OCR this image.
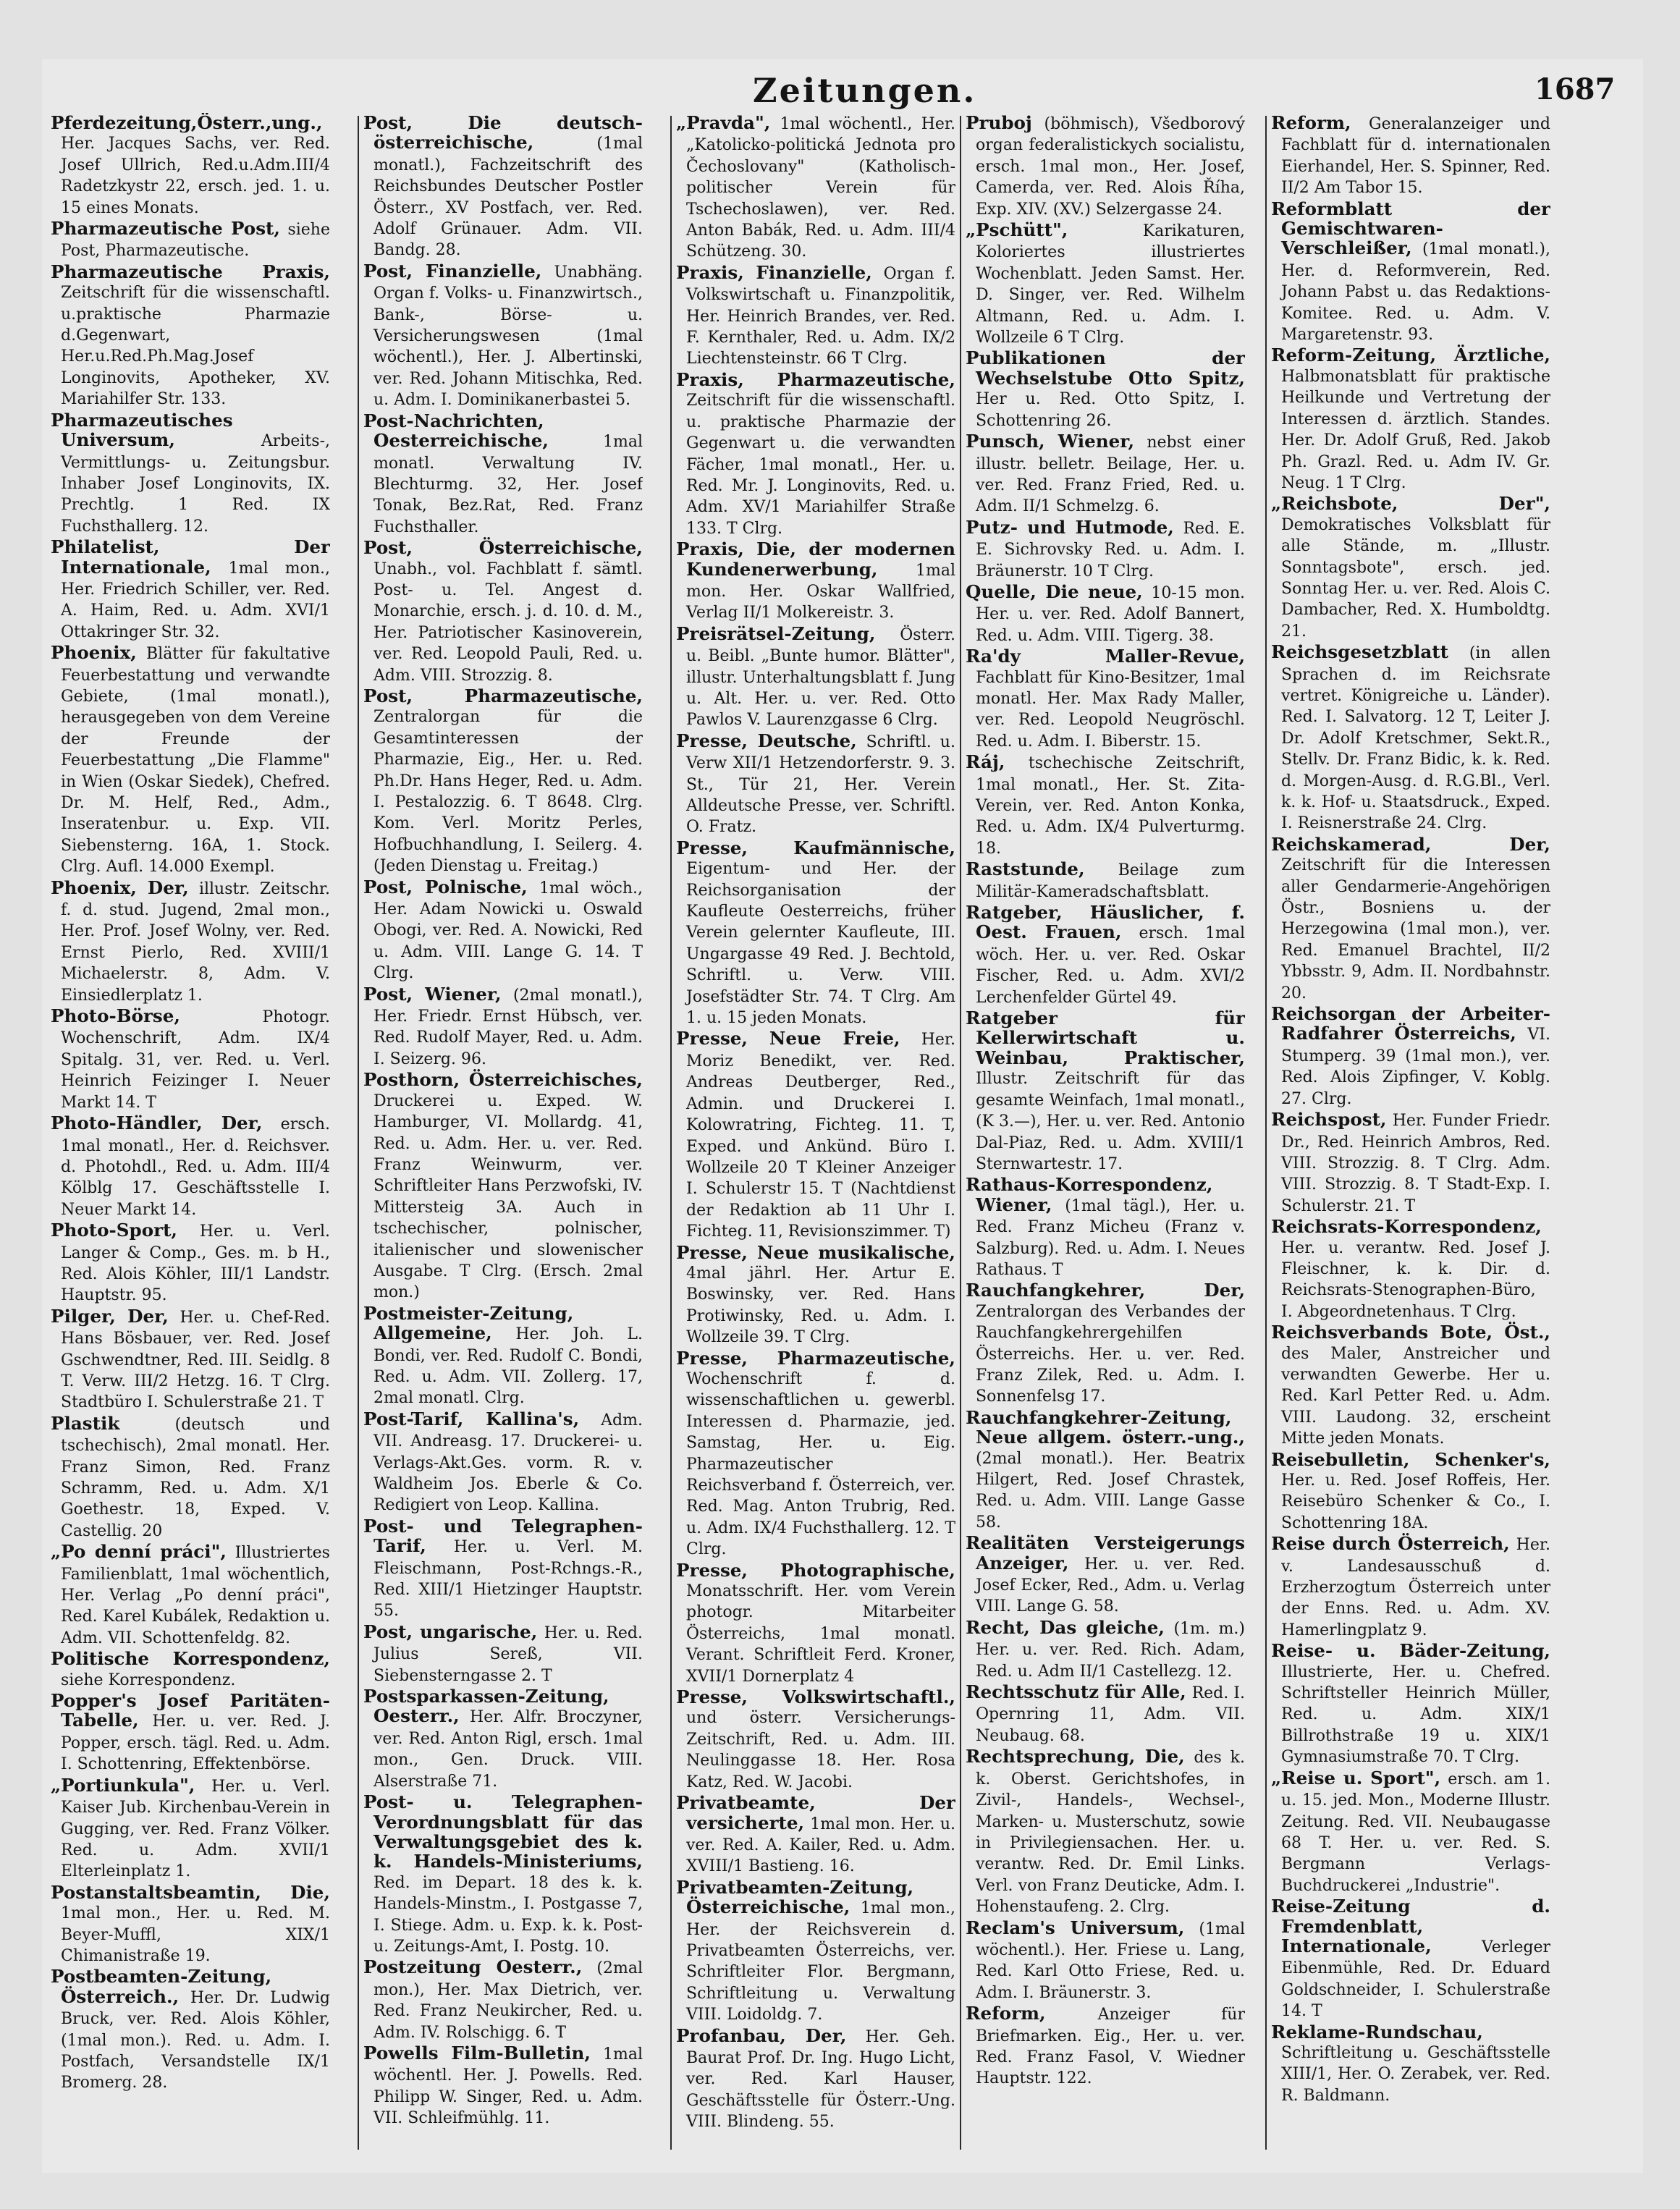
Zeitungen.	1687

Pferdezeitung,Österr.,ung., Her. Jacques Sachs, ver. Red. Josef Ullrich, Red.u.Adm.III/4 Radetzkystr 22, ersch. jed. 1. u. 15 eines Monats.

Pharmazeutische Post, siehe Post, Pharmazeutische.

Pharmazeutische Praxis, Zeitschrift für die wissenschaftl. u.praktische Pharmazie d.Gegenwart, Her.u.Red.Ph.Mag.Josef Longinovits, Apotheker, XV. Mariahilfer Str. 133.

Pharmazeutisches Universum,	Arbeits-, Vermittlungs- u. Zeitungsbur. Inhaber Josef Longinovits, IX. Prechtlg. 1 Red. IX Fuchsthallerg. 12.

Philatelist, Der Internationale, 1mal mon., Her. Friedrich Schiller, ver. Red. A. Haim, Red. u. Adm. XVI/1 Ottakringer Str. 32.

Phoenix, Blätter für fakultative Feuerbestattung und verwandte Gebiete, (1mal monatl.), herausgegeben von dem Vereine der Freunde der Feuerbestattung „Die Flamme" in Wien (Oskar Siedek), Chefred. Dr. M. Helf, Red., Adm., Inseratenbur. u. Exp. VII. Siebensterng. 16A, 1. Stock. Clrg. Aufl. 14.000 Exempl.

Phoenix, Der, illustr. Zeitschr. f. d. stud. Jugend, 2mal mon., Her. Prof. Josef Wolny, ver. Red. Ernst Pierlo, Red. XVIII/1 Michaelerstr. 8, Adm. V. Einsiedlerplatz 1.

Photo-Börse,	Photogr. Wochenschrift, Adm. IX/4 Spitalg. 31, ver. Red. u. Verl. Heinrich Feizinger I. Neuer Markt 14. T

Photo-Händler, Der, ersch. 1mal monatl., Her. d. Reichsver. d. Photohdl., Red. u. Adm. III/4 Kölblg 17. Geschäftsstelle I. Neuer Markt 14.

Photo-Sport, Her. u. Verl. Langer & Comp., Ges. m. b H., Red. Alois Köhler, III/1 Landstr. Hauptstr. 95.

Pilger, Der, Her. u. Chef-Red. Hans Bösbauer, ver. Red. Josef Gschwendtner, Red. III. Seidlg. 8 T. Verw. III/2 Hetzg. 16. T Clrg. Stadtbüro I. Schulerstraße 21. T

Plastik	(deutsch und tschechisch), 2mal monatl. Her. Franz Simon, Red. Franz Schramm, Red. u. Adm. X/1 Goethestr. 18, Exped. V. Castellig. 20

„Po denní práci", Illustriertes Familienblatt, 1mal wöchentlich, Her. Verlag „Po denní práci", Red. Karel Kubálek, Redaktion u. Adm. VII. Schottenfeldg. 82.

Politische Korrespondenz, siehe Korrespondenz.

Popper's Josef Paritäten-Tabelle, Her. u. ver. Red. J. Popper, ersch. tägl. Red. u. Adm. I. Schottenring, Effektenbörse.

„Portiunkula", Her. u. Verl. Kaiser Jub. Kirchenbau-Verein in Gugging, ver. Red. Franz Völker. Red. u. Adm. XVII/1 Elterleinplatz 1.

Postanstaltsbeamtin, Die, 1mal mon., Her. u. Red. M. Beyer-Muffl, XIX/1 Chimanistraße 19.

Postbeamten-Zeitung, Österreich., Her. Dr. Ludwig Bruck, ver. Red. Alois Köhler, (1mal mon.). Red. u. Adm. I. Postfach, Versandstelle IX/1 Bromerg. 28.

Post, Die deutsch-österreichische,	(1mal monatl.), Fachzeitschrift des Reichsbundes Deutscher Postler Österr., XV Postfach, ver. Red. Adolf Grünauer. Adm. VII. Bandg. 28.

Post, Finanzielle, Unabhäng. Organ f. Volks- u. Finanzwirtsch., Bank-, Börse- u. Versicherungswesen (1mal wöchentl.), Her. J. Albertinski, ver. Red. Johann Mitischka, Red. u. Adm. I. Dominikanerbastei 5.

Post-Nachrichten, Oesterreichische,	1mal monatl. Verwaltung IV. Blechturmg. 32, Her. Josef Tonak, Bez.Rat, Red. Franz Fuchsthaller.

Post, Österreichische, Unabh., vol. Fachblatt f. sämtl. Post- u. Tel. Angest d. Monarchie, ersch. j. d. 10. d. M., Her. Patriotischer Kasinoverein, ver. Red. Leopold Pauli, Red. u. Adm. VIII. Strozzig. 8.

Post, Pharmazeutische, Zentralorgan für die Gesamtinteressen der Pharmazie, Eig., Her. u. Red. Ph.Dr. Hans Heger, Red. u. Adm. I. Pestalozzig. 6. T 8648. Clrg. Kom. Verl. Moritz Perles, Hofbuchhandlung, I. Seilerg. 4. (Jeden Dienstag u. Freitag.)

Post, Polnische, 1mal wöch., Her. Adam Nowicki u. Oswald Obogi, ver. Red. A. Nowicki, Red u. Adm. VIII. Lange G. 14. T Clrg.

Post, Wiener, (2mal monatl.), Her. Friedr. Ernst Hübsch, ver. Red. Rudolf Mayer, Red. u. Adm. I. Seizerg. 96.

Posthorn, Österreichisches, Druckerei u. Exped. W. Hamburger, VI. Mollardg. 41, Red. u. Adm. Her. u. ver. Red. Franz Weinwurm, ver. Schriftleiter Hans Perzwofski, IV. Mittersteig 3A. Auch in tschechischer, polnischer, italienischer und slowenischer Ausgabe. T Clrg. (Ersch. 2mal mon.)

Postmeister-Zeitung, Allgemeine, Her. Joh. L. Bondi, ver. Red. Rudolf C. Bondi, Red. u. Adm. VII. Zollerg. 17, 2mal monatl. Clrg.

Post-Tarif, Kallina's, Adm. VII. Andreasg. 17. Druckerei- u. Verlags-Akt.Ges. vorm. R. v. Waldheim Jos. Eberle & Co. Redigiert von Leop. Kallina.

Post- und Telegraphen-Tarif, Her. u. Verl. M. Fleischmann, Post-Rchngs.-R., Red. XIII/1 Hietzinger Hauptstr. 55.

Post, ungarische, Her. u. Red. Julius Sereß, VII. Siebensterngasse 2. T

Postsparkassen-Zeitung, Oesterr., Her. Alfr. Broczyner, ver. Red. Anton Rigl, ersch. 1mal mon., Gen. Druck. VIII. Alserstraße 71.

Post- u. Telegraphen-Verordnungsblatt für das Verwaltungsgebiet des k. k. Handels-Ministeriums, Red. im Depart. 18 des k. k. Handels-Minstm., I. Postgasse 7, I. Stiege. Adm. u. Exp. k. k. Post- u. Zeitungs-Amt, I. Postg. 10.

Postzeitung Oesterr., (2mal mon.), Her. Max Dietrich, ver. Red. Franz Neukircher, Red. u. Adm. IV. Rolschigg. 6. T

Powells Film-Bulletin, 1mal wöchentl. Her. J. Powells. Red. Philipp W. Singer, Red. u. Adm. VII. Schleifmühlg. 11.

„Pravda", 1mal wöchentl., Her. „Katolicko-politická Jednota pro Čechoslovany" (Katholisch-politischer Verein für Tschechoslawen), ver. Red. Anton Babák, Red. u. Adm. III/4 Schützeng. 30.

Praxis, Finanzielle, Organ f. Volkswirtschaft u. Finanzpolitik, Her. Heinrich Brandes, ver. Red. F. Kernthaler, Red. u. Adm. IX/2 Liechtensteinstr. 66 T Clrg.

Praxis, Pharmazeutische, Zeitschrift für die wissenschaftl. u. praktische Pharmazie der Gegenwart u. die verwandten Fächer, 1mal monatl., Her. u. Red. Mr. J. Longinovits, Red. u. Adm. XV/1 Mariahilfer Straße 133. T Clrg.

Praxis, Die, der modernen Kundenerwerbung, 1mal mon. Her. Oskar Wallfried, Verlag II/1 Molkereistr. 3.

Preisrätsel-Zeitung, Österr. u. Beibl. „Bunte humor. Blätter", illustr. Unterhaltungsblatt f. Jung u. Alt. Her. u. ver. Red. Otto Pawlos V. Laurenzgasse 6 Clrg.

Presse, Deutsche, Schriftl. u. Verw XII/1 Hetzendorferstr. 9. 3. St., Tür 21, Her. Verein Alldeutsche Presse, ver. Schriftl. O. Fratz.

Presse, Kaufmännische, Eigentum- und Her. der Reichsorganisation der Kaufleute Oesterreichs, früher Verein gelernter Kaufleute, III. Ungargasse 49 Red. J. Bechtold, Schriftl. u. Verw. VIII. Josefstädter Str. 74. T Clrg. Am 1. u. 15 jeden Monats.

Presse, Neue Freie, Her. Moriz Benedikt, ver. Red. Andreas Deutberger, Red., Admin. und Druckerei I. Kolowratring, Fichteg. 11. T, Exped. und Ankünd. Büro I. Wollzeile 20 T Kleiner Anzeiger I. Schulerstr 15. T (Nachtdienst der Redaktion ab 11 Uhr I. Fichteg. 11, Revisionszimmer. T)

Presse, Neue musikalische, 4mal jährl. Her. Artur E. Boswinsky, ver. Red. Hans Protiwinsky, Red. u. Adm. I. Wollzeile 39. T Clrg.

Presse, Pharmazeutische, Wochenschrift f. d. wissenschaftlichen u. gewerbl. Interessen d. Pharmazie, jed. Samstag, Her. u. Eig. Pharmazeutischer Reichsverband f. Österreich, ver. Red. Mag. Anton Trubrig, Red. u. Adm. IX/4 Fuchsthallerg. 12. T Clrg.

Presse, Photographische, Monatsschrift. Her. vom Verein photogr. Mitarbeiter Österreichs, 1mal monatl. Verant. Schriftleit Ferd. Kroner, XVII/1 Dornerplatz 4

Presse, Volkswirtschaftl., und österr. Versicherungs-Zeitschrift, Red. u. Adm. III. Neulinggasse 18. Her. Rosa Katz, Red. W. Jacobi.

Privatbeamte, Der versicherte, 1mal mon. Her. u. ver. Red. A. Kailer, Red. u. Adm. XVIII/1 Bastieng. 16.

Privatbeamten-Zeitung, Österreichische, 1mal mon., Her. der Reichsverein d. Privatbeamten Österreichs, ver. Schriftleiter Flor. Bergmann, Schriftleitung u. Verwaltung VIII. Loidoldg. 7.

Profanbau, Der, Her. Geh. Baurat Prof. Dr. Ing. Hugo Licht, ver. Red. Karl Hauser, Geschäftsstelle für Österr.-Ung. VIII. Blindeng. 55.

Pruboj (böhmisch), Všedborový organ federalistickych socialistu, ersch. 1mal mon., Her. Josef, Camerda, ver. Red. Alois Říha, Exp. XIV. (XV.) Selzergasse 24.

„Pschütt",	Karikaturen, Koloriertes illustriertes Wochenblatt. Jeden Samst. Her. D. Singer, ver. Red. Wilhelm Altmann, Red. u. Adm. I. Wollzeile 6 T Clrg.

Publikationen der Wechselstube Otto Spitz, Her u. Red. Otto Spitz, I. Schottenring 26.

Punsch, Wiener, nebst einer illustr. belletr. Beilage, Her. u. ver. Red. Franz Fried, Red. u. Adm. II/1 Schmelzg. 6.

Putz- und Hutmode, Red. E. E. Sichrovsky Red. u. Adm. I. Bräunerstr. 10 T Clrg.

Quelle, Die neue, 10-15 mon. Her. u. ver. Red. Adolf Bannert, Red. u. Adm. VIII. Tigerg. 38.

Ra'dy Maller-Revue, Fachblatt für Kino-Besitzer, 1mal monatl. Her. Max Rady Maller, ver. Red. Leopold Neugröschl. Red. u. Adm. I. Biberstr. 15.

Ráj, tschechische Zeitschrift, 1mal monatl., Her. St. Zita-Verein, ver. Red. Anton Konka, Red. u. Adm. IX/4 Pulverturmg. 18.

Raststunde, Beilage zum Militär-Kameradschaftsblatt.

Ratgeber, Häuslicher, f. Oest. Frauen, ersch. 1mal wöch. Her. u. ver. Red. Oskar Fischer, Red. u. Adm. XVI/2 Lerchenfelder Gürtel 49.

Ratgeber für Kellerwirtschaft u. Weinbau, Praktischer, Illustr. Zeitschrift für das gesamte Weinfach, 1mal monatl., (K 3.—), Her. u. ver. Red. Antonio Dal-Piaz, Red. u. Adm. XVIII/1 Sternwartestr. 17.

Rathaus-Korrespondenz, Wiener, (1mal tägl.), Her. u. Red. Franz Micheu (Franz v. Salzburg). Red. u. Adm. I. Neues Rathaus. T

Rauchfangkehrer, Der, Zentralorgan des Verbandes der Rauchfangkehrergehilfen Österreichs. Her. u. ver. Red. Franz Zilek, Red. u. Adm. I. Sonnenfelsg 17.

Rauchfangkehrer-Zeitung, Neue allgem. österr.-ung., (2mal monatl.). Her. Beatrix Hilgert, Red. Josef Chrastek, Red. u. Adm. VIII. Lange Gasse 58.

Realitäten Versteigerungs Anzeiger, Her. u. ver. Red. Josef Ecker, Red., Adm. u. Verlag VIII. Lange G. 58.

Recht, Das gleiche, (1m. m.) Her. u. ver. Red. Rich. Adam, Red. u. Adm II/1 Castellezg. 12.

Rechtsschutz für Alle, Red. I. Opernring 11, Adm. VII. Neubaug. 68.

Rechtsprechung, Die, des k. k. Oberst. Gerichtshofes, in Zivil-, Handels-, Wechsel-, Marken- u. Musterschutz, sowie in Privilegiensachen. Her. u. verantw. Red. Dr. Emil Links. Verl. von Franz Deuticke, Adm. I. Hohenstaufeng. 2. Clrg.

Reclam's Universum, (1mal wöchentl.). Her. Friese u. Lang, Red. Karl Otto Friese, Red. u. Adm. I. Bräunerstr. 3.

Reform,	Anzeiger für Briefmarken. Eig., Her. u. ver. Red. Franz Fasol, V. Wiedner Hauptstr. 122.

Reform, Generalanzeiger und Fachblatt für d. internationalen Eierhandel, Her. S. Spinner, Red. II/2 Am Tabor 15.

Reformblatt der Gemischtwaren-Verschleißer, (1mal monatl.), Her. d. Reformverein, Red. Johann Pabst u. das Redaktions-Komitee. Red. u. Adm. V. Margaretenstr. 93.

Reform-Zeitung, Ärztliche, Halbmonatsblatt für praktische Heilkunde und Vertretung der Interessen d. ärztlich. Standes. Her. Dr. Adolf Gruß, Red. Jakob Ph. Grazl. Red. u. Adm IV. Gr. Neug. 1 T Clrg.

„Reichsbote, Der", Demokratisches Volksblatt für alle Stände, m. „Illustr. Sonntagsbote", ersch. jed. Sonntag Her. u. ver. Red. Alois C. Dambacher, Red. X. Humboldtg. 21.

Reichsgesetzblatt (in allen Sprachen d. im Reichsrate vertret. Königreiche u. Länder). Red. I. Salvatorg. 12 T, Leiter J. Dr. Adolf Kretschmer, Sekt.R., Stellv. Dr. Franz Bidic, k. k. Red. d. Morgen-Ausg. d. R.G.Bl., Verl. k. k. Hof- u. Staatsdruck., Exped. I. Reisnerstraße 24. Clrg.

Reichskamerad, Der, Zeitschrift für die Interessen aller Gendarmerie-Angehörigen Östr., Bosniens u. der Herzegowina (1mal mon.), ver. Red. Emanuel Brachtel, II/2 Ybbsstr. 9, Adm. II. Nordbahnstr. 20.

Reichsorgan der Arbeiter-Radfahrer Österreichs, VI. Stumperg. 39 (1mal mon.), ver. Red. Alois Zipfinger, V. Koblg. 27. Clrg.

Reichspost, Her. Funder Friedr. Dr., Red. Heinrich Ambros, Red. VIII. Strozzig. 8. T Clrg. Adm. VIII. Strozzig. 8. T Stadt-Exp. I. Schulerstr. 21. T

Reichsrats-Korrespondenz, Her. u. verantw. Red. Josef J. Fleischner, k. k. Dir. d. Reichsrats-Stenographen-Büro, I. Abgeordnetenhaus. T Clrg.

Reichsverbands Bote, Öst., des Maler, Anstreicher und verwandten Gewerbe. Her u. Red. Karl Petter Red. u. Adm. VIII. Laudong. 32, erscheint Mitte jeden Monats.

Reisebulletin, Schenker's, Her. u. Red. Josef Roffeis, Her. Reisebüro Schenker & Co., I. Schottenring 18A.

Reise durch Österreich, Her. v. Landesausschuß d. Erzherzogtum Österreich unter der Enns. Red. u. Adm. XV. Hamerlingplatz 9.

Reise- u. Bäder-Zeitung, Illustrierte, Her. u. Chefred. Schriftsteller Heinrich Müller, Red. u. Adm. XIX/1 Billrothstraße 19 u. XIX/1 Gymnasiumstraße 70. T Clrg.

„Reise u. Sport", ersch. am 1. u. 15. jed. Mon., Moderne Illustr. Zeitung. Red. VII. Neubaugasse 68 T. Her. u. ver. Red. S. Bergmann Verlags-Buchdruckerei „Industrie".

Reise-Zeitung d. Fremdenblatt, Internationale,	Verleger Eibenmühle, Red. Dr. Eduard Goldschneider, I. Schulerstraße 14. T

Reklame-Rundschau, Schriftleitung u. Geschäftsstelle XIII/1, Her. O. Zerabek, ver. Red. R. Baldmann.
